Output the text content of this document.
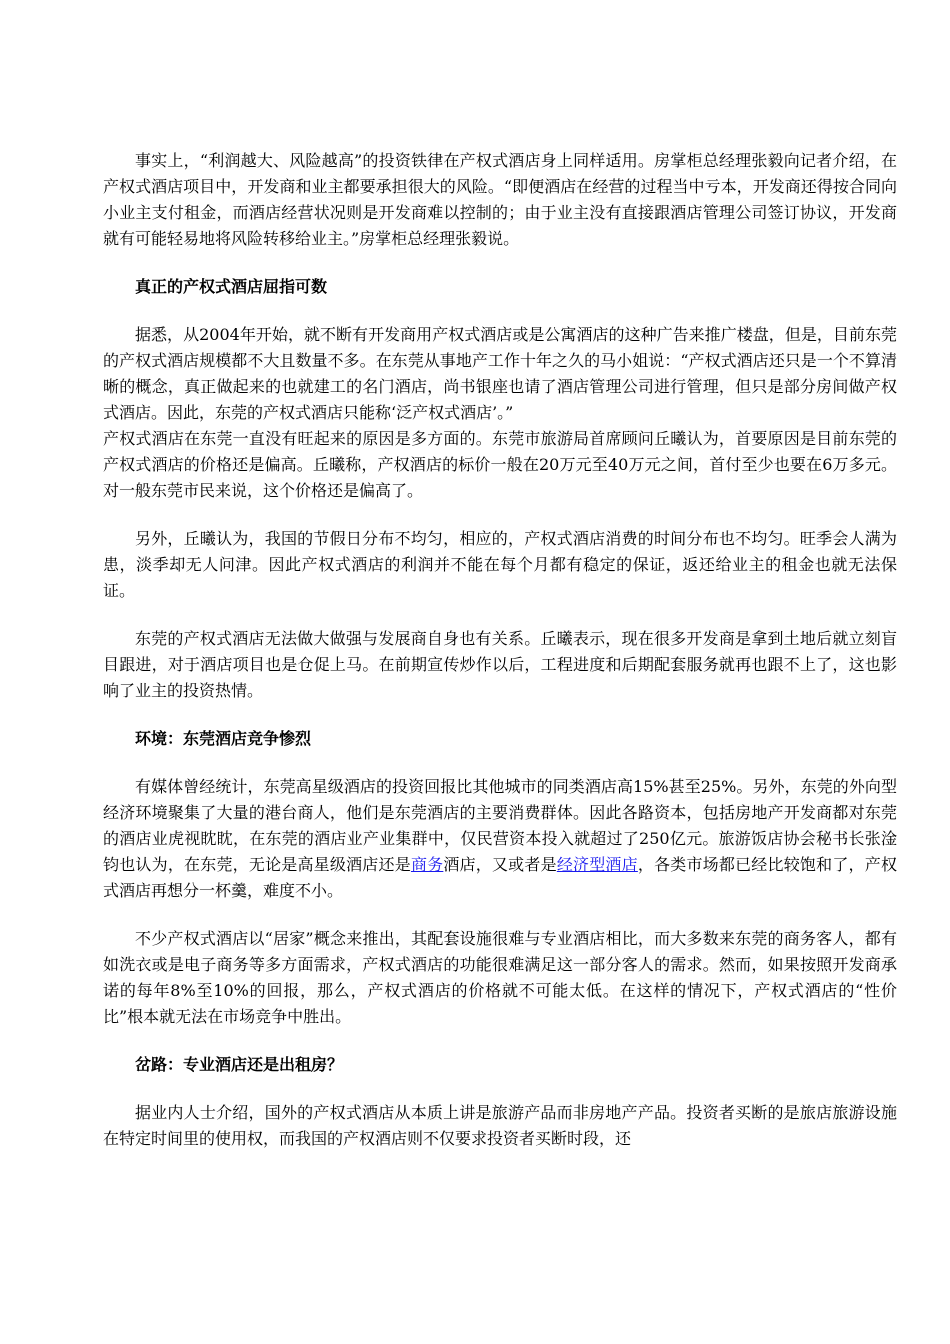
事实上，“利润越大、风险越高”的投资铁律在产权式酒店身上同样适用。房掌柜总经理张毅向记者介绍，在产权式酒店项目中，开发商和业主都要承担很大的风险。“即便酒店在经营的过程当中亏本，开发商还得按合同向小业主支付租金，而酒店经营状况则是开发商难以控制的；由于业主没有直接跟酒店管理公司签订协议，开发商就有可能轻易地将风险转移给业主。”房掌柜总经理张毅说。

真正的产权式酒店屈指可数

据悉，从2004年开始，就不断有开发商用产权式酒店或是公寓酒店的这种广告来推广楼盘，但是，目前东莞的产权式酒店规模都不大且数量不多。在东莞从事地产工作十年之久的马小姐说：“产权式酒店还只是一个不算清晰的概念，真正做起来的也就建工的名门酒店，尚书银座也请了酒店管理公司进行管理，但只是部分房间做产权式酒店。因此，东莞的产权式酒店只能称‘泛产权式酒店’。”

产权式酒店在东莞一直没有旺起来的原因是多方面的。东莞市旅游局首席顾问丘曦认为，首要原因是目前东莞的产权式酒店的价格还是偏高。丘曦称，产权酒店的标价一般在20万元至40万元之间，首付至少也要在6万多元。对一般东莞市民来说，这个价格还是偏高了。

另外，丘曦认为，我国的节假日分布不均匀，相应的，产权式酒店消费的时间分布也不均匀。旺季会人满为患，淡季却无人问津。因此产权式酒店的利润并不能在每个月都有稳定的保证，返还给业主的租金也就无法保证。

东莞的产权式酒店无法做大做强与发展商自身也有关系。丘曦表示，现在很多开发商是拿到土地后就立刻盲目跟进，对于酒店项目也是仓促上马。在前期宣传炒作以后，工程进度和后期配套服务就再也跟不上了，这也影响了业主的投资热情。

环境：东莞酒店竞争惨烈

有媒体曾经统计，东莞高星级酒店的投资回报比其他城市的同类酒店高15%甚至25%。另外，东莞的外向型经济环境聚集了大量的港台商人，他们是东莞酒店的主要消费群体。因此各路资本，包括房地产开发商都对东莞的酒店业虎视眈眈，在东莞的酒店业产业集群中，仅民营资本投入就超过了250亿元。旅游饭店协会秘书长张淦钧也认为，在东莞，无论是高星级酒店还是商务酒店，又或者是经济型酒店，各类市场都已经比较饱和了，产权式酒店再想分一杯羹，难度不小。

不少产权式酒店以“居家”概念来推出，其配套设施很难与专业酒店相比，而大多数来东莞的商务客人，都有如洗衣或是电子商务等多方面需求，产权式酒店的功能很难满足这一部分客人的需求。然而，如果按照开发商承诺的每年8%至10%的回报，那么，产权式酒店的价格就不可能太低。在这样的情况下，产权式酒店的“性价比”根本就无法在市场竞争中胜出。

岔路：专业酒店还是出租房？

据业内人士介绍，国外的产权式酒店从本质上讲是旅游产品而非房地产产品。投资者买断的是旅店旅游设施在特定时间里的使用权，而我国的产权酒店则不仅要求投资者买断时段，还
